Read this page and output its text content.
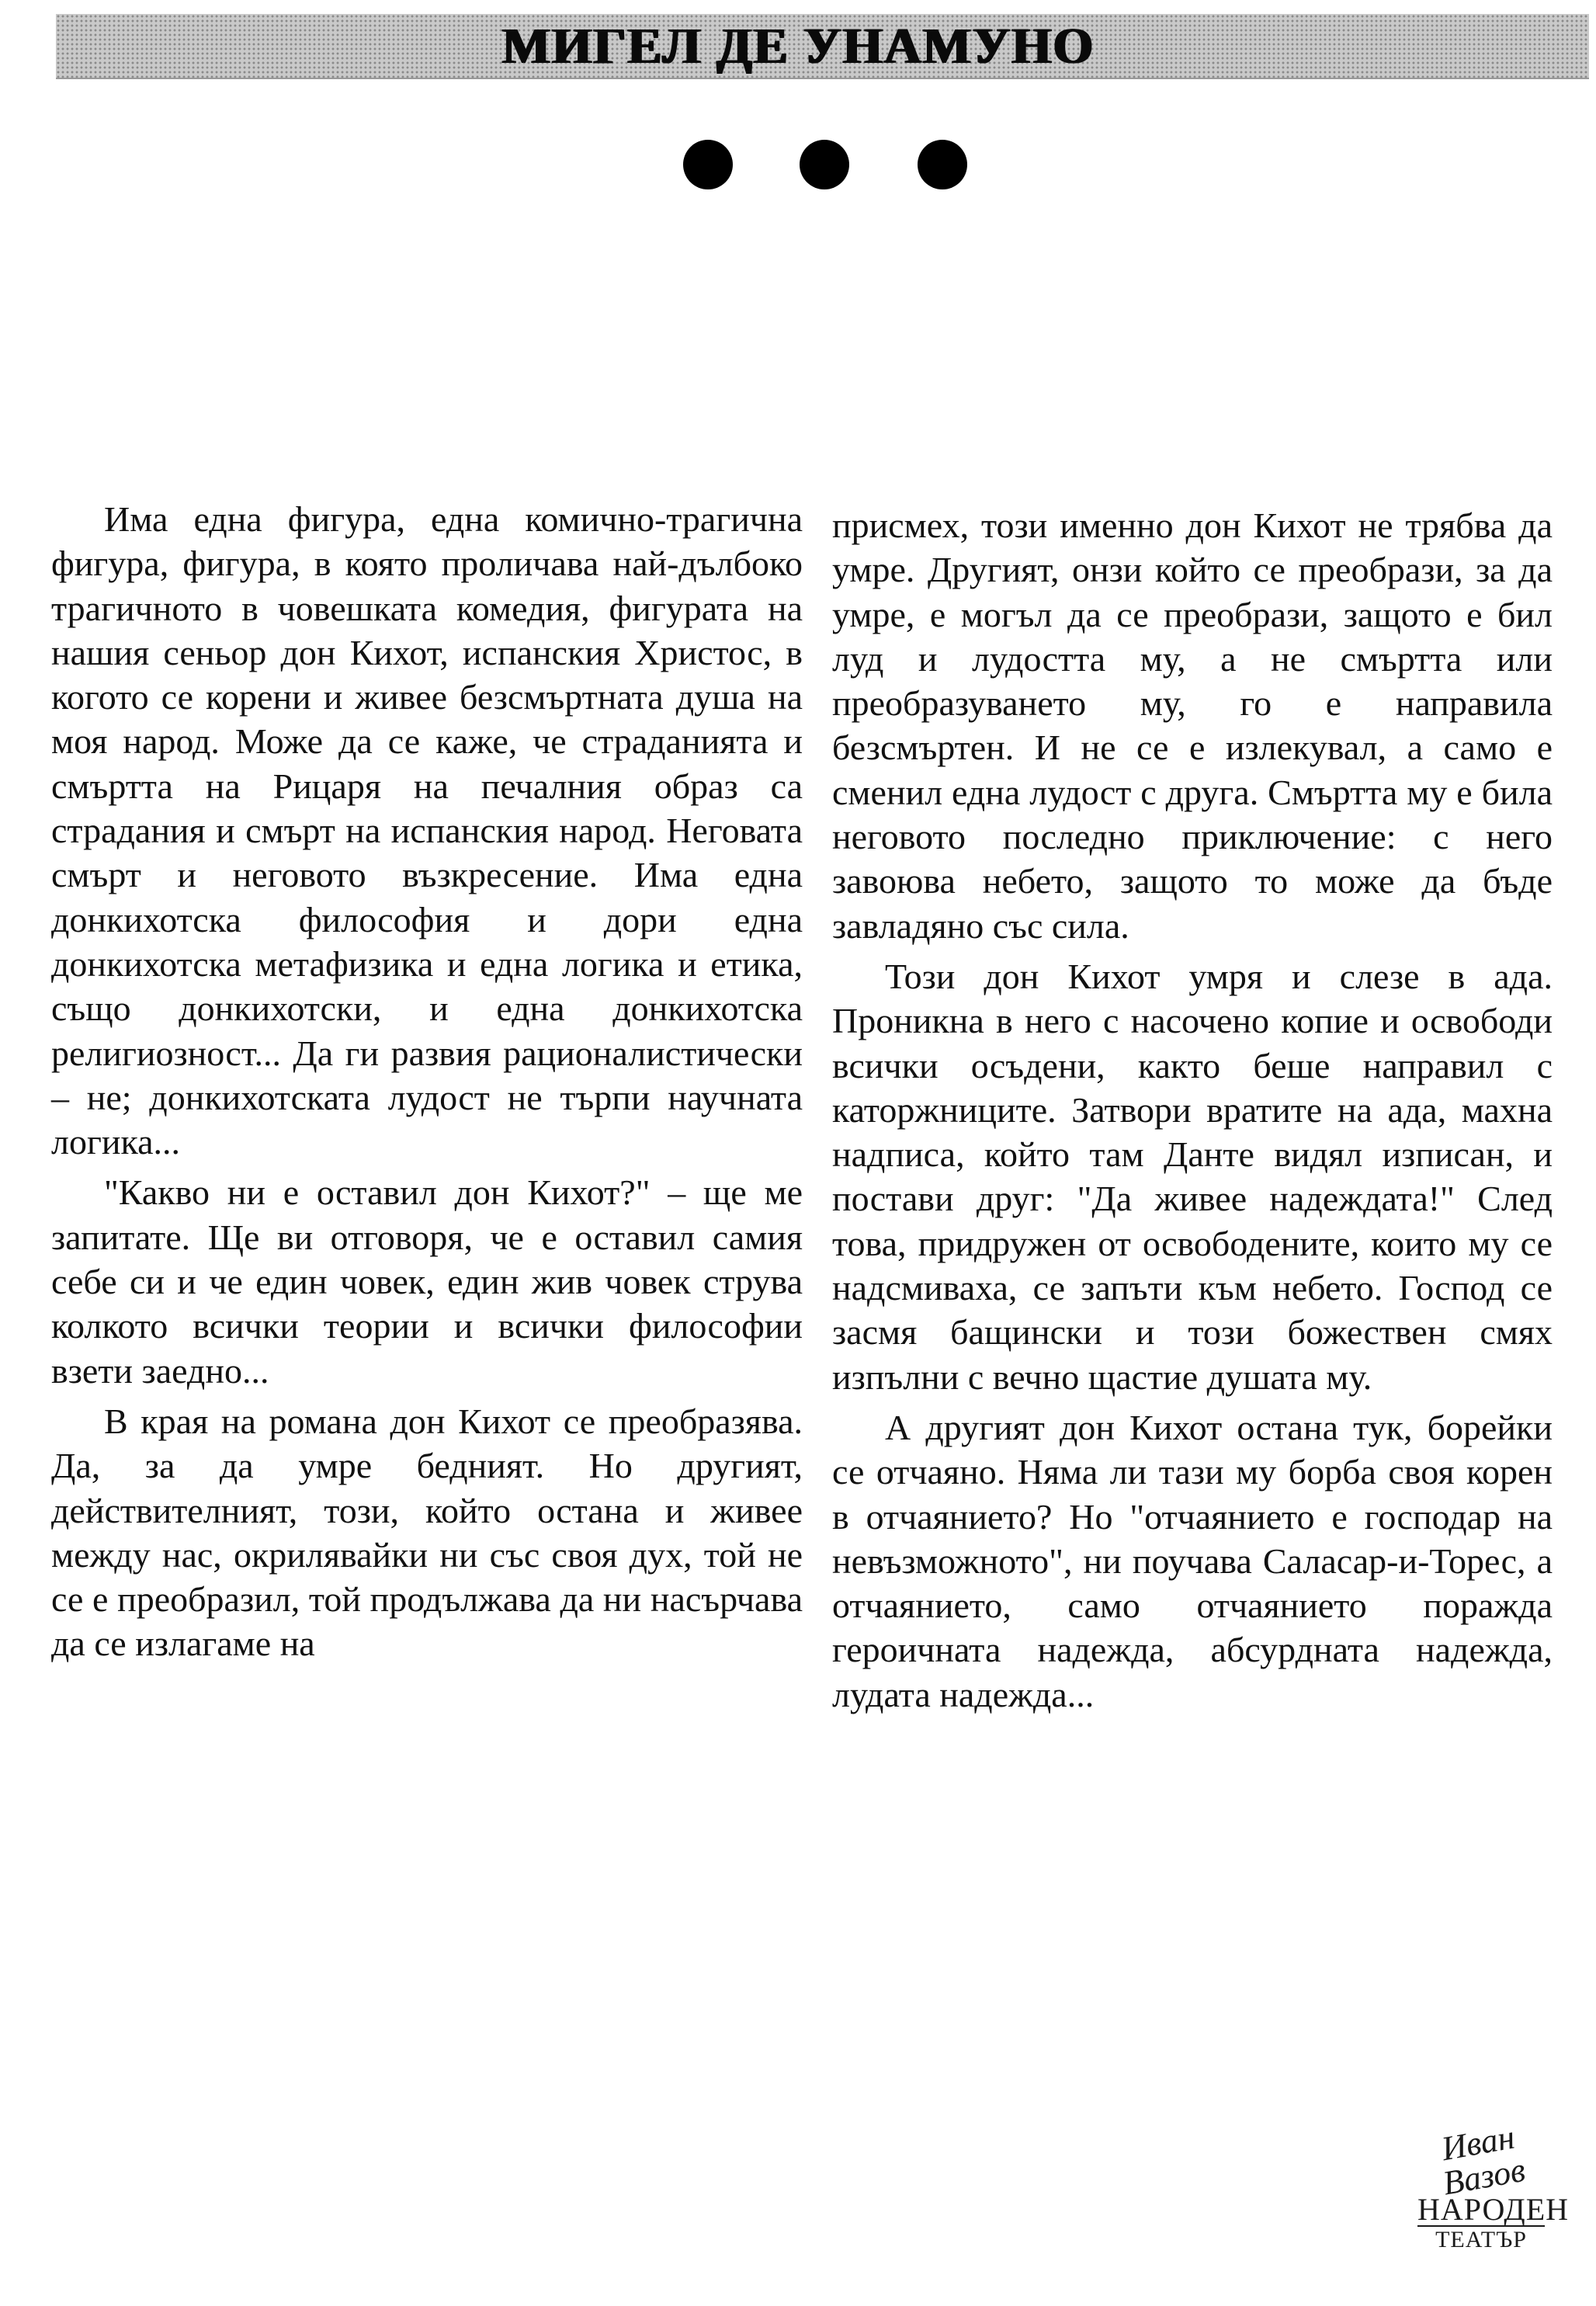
МИГЕЛ ДЕ УНАМУНО

Има една фигура, една комично-трагична фигура, фигура, в която проличава най-дълбоко трагичното в човешката комедия, фигурата на нашия сеньор дон Кихот, испанския Христос, в когото се корени и живее безсмъртната душа на моя народ. Може да се каже, че страданията и смъртта на Рицаря на печалния образ са страдания и смърт на испанския народ. Неговата смърт и неговото възкресение. Има една донкихотска философия и дори една донкихотска метафизика и една логика и етика, също донкихотски, и една донкихотска религиозност... Да ги развия рационалистически – не; донкихотската лудост не търпи научната логика...

"Какво ни е оставил дон Кихот?" – ще ме запитате. Ще ви отговоря, че е оставил самия себе си и че един човек, един жив човек струва колкото всички теории и всички философии взети заедно...

В края на романа дон Кихот се преобразява. Да, за да умре бедният. Но другият, действителният, този, който остана и живее между нас, окрилявайки ни със своя дух, той не се е преобразил, той продължава да ни насърчава да се излагаме на

присмех, този именно дон Кихот не трябва да умре. Другият, онзи който се преобрази, за да умре, е могъл да се преобрази, защото е бил луд и лудостта му, а не смъртта или преобразуването му, го е направила безсмъртен. И не се е излекувал, а само е сменил една лудост с друга. Смъртта му е била неговото последно приключение: с него завоюва небето, защото то може да бъде завладяно със сила.

Този дон Кихот умря и слезе в ада. Проникна в него с насочено копие и освободи всички осъдени, както беше направил с каторжниците. Затвори вратите на ада, махна надписа, който там Данте видял изписан, и постави друг: "Да живее надеждата!" След това, придружен от освободените, които му се надсмиваха, се запъти към небето. Господ се засмя бащински и този божествен смях изпълни с вечно щастие душата му.

А другият дон Кихот остана тук, борейки се отчаяно. Няма ли тази му борба своя корен в отчаянието? Но "отчаянието е господар на невъзможното", ни поучава Саласар-и-Торес, а отчаянието, само отчаянието поражда героичната надежда, абсурдната надежда, лудата надежда...

Иван Вазов
НАРОДЕН
ТЕАТЪР
